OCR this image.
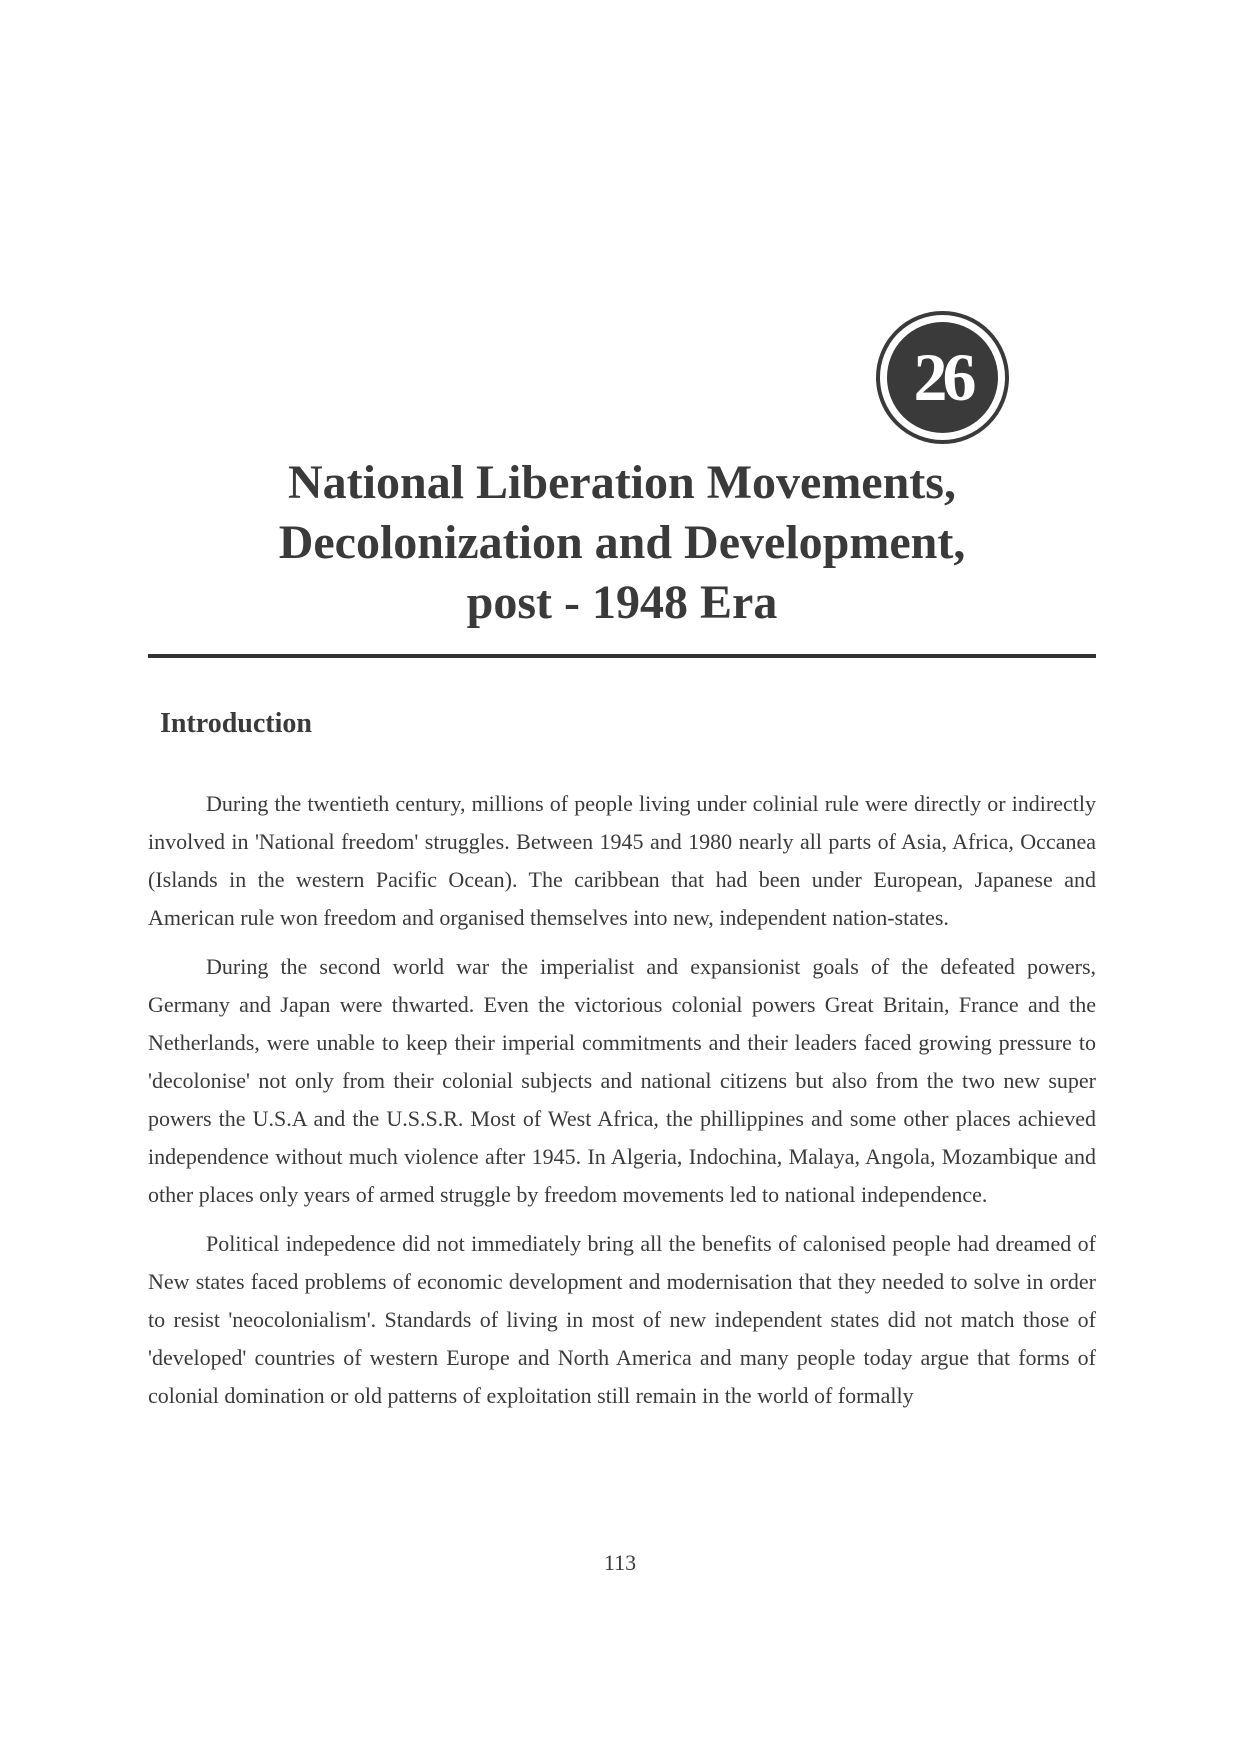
26
National Liberation Movements,
Decolonization and Development,
post - 1948 Era
Introduction

During the twentieth century, millions of people living under colinial rule were directly or indirectly involved in 'National freedom' struggles. Between 1945 and 1980 nearly all parts of Asia, Africa, Occanea (Islands in the western Pacific Ocean). The caribbean that had been under European, Japanese and American rule won freedom and organised themselves into new, independent nation-states.

During the second world war the imperialist and expansionist goals of the defeated powers, Germany and Japan were thwarted. Even the victorious colonial powers Great Britain, France and the Netherlands, were unable to keep their imperial commitments and their leaders faced growing pressure to 'decolonise' not only from their colonial subjects and national citizens but also from the two new super powers the U.S.A and the U.S.S.R. Most of West Africa, the phillippines and some other places achieved independence without much violence after 1945. In Algeria, Indochina, Malaya, Angola, Mozambique and other places only years of armed struggle by freedom movements led to national independence.

Political indepedence did not immediately bring all the benefits of calonised people had dreamed of New states faced problems of economic development and modernisation that they needed to solve in order to resist 'neocolonialism'. Standards of living in most of new independent states did not match those of 'developed' countries of western Europe and North America and many people today argue that forms of colonial domination or old patterns of exploitation still remain in the world of formally

113
